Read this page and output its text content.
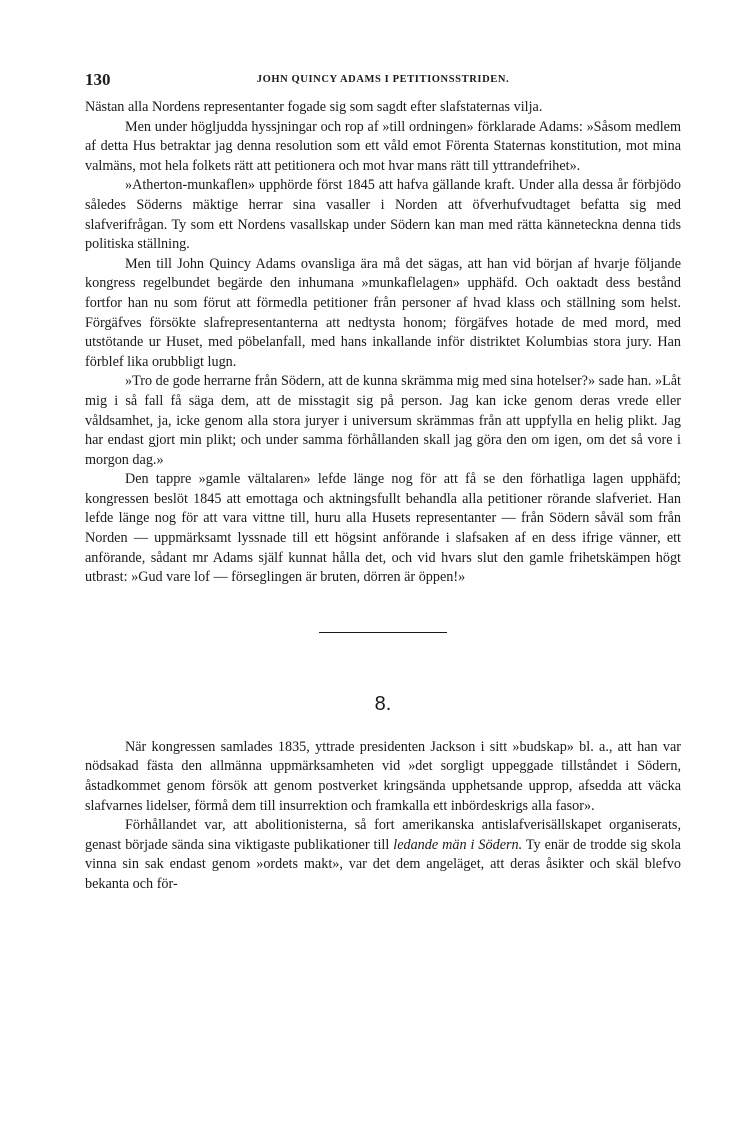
130	JOHN QUINCY ADAMS I PETITIONSSTRIDEN.

Nästan alla Nordens representanter fogade sig som sagdt efter slafstaternas vilja.

Men under högljudda hyssjningar och rop af »till ordningen» förklarade Adams: »Såsom medlem af detta Hus betraktar jag denna resolution som ett våld emot Förenta Staternas konstitution, mot mina valmäns, mot hela folkets rätt att petitionera och mot hvar mans rätt till yttrandefrihet».

»Atherton-munkaflen» upphörde först 1845 att hafva gällande kraft. Under alla dessa år förbjödo således Söderns mäktige herrar sina vasaller i Norden att öfverhufvudtaget befatta sig med slafverifrågan. Ty som ett Nordens vasallskap under Södern kan man med rätta känneteckna denna tids politiska ställning.

Men till John Quincy Adams ovansliga ära må det sägas, att han vid början af hvarje följande kongress regelbundet begärde den inhumana »munkaflelagen» upphäfd. Och oaktadt dess bestånd fortfor han nu som förut att förmedla petitioner från personer af hvad klass och ställning som helst. Förgäfves försökte slafrepresentanterna att nedtysta honom; förgäfves hotade de med mord, med utstötande ur Huset, med pöbelanfall, med hans inkallande inför distriktet Kolumbias stora jury. Han förblef lika orubbligt lugn.

»Tro de gode herrarne från Södern, att de kunna skrämma mig med sina hotelser?» sade han. »Låt mig i så fall få säga dem, att de misstagit sig på person. Jag kan icke genom deras vrede eller våldsamhet, ja, icke genom alla stora juryer i universum skrämmas från att uppfylla en helig plikt. Jag har endast gjort min plikt; och under samma förhållanden skall jag göra den om igen, om det så vore i morgon dag.»

Den tappre »gamle vältalaren» lefde länge nog för att få se den förhatliga lagen upphäfd; kongressen beslöt 1845 att emottaga och aktningsfullt behandla alla petitioner rörande slafveriet. Han lefde länge nog för att vara vittne till, huru alla Husets representanter — från Södern såväl som från Norden — uppmärksamt lyssnade till ett högsint anförande i slafsaken af en dess ifrige vänner, ett anförande, sådant mr Adams själf kunnat hålla det, och vid hvars slut den gamle frihetskämpen högt utbrast: »Gud vare lof — förseglingen är bruten, dörren är öppen!»

8.

När kongressen samlades 1835, yttrade presidenten Jackson i sitt »budskap» bl. a., att han var nödsakad fästa den allmänna uppmärksamheten vid »det sorgligt uppeggade tillståndet i Södern, åstadkommet genom försök att genom postverket kringsända upphetsande upprop, afsedda att väcka slafvarnes lidelser, förmå dem till insurrektion och framkalla ett inbördeskrigs alla fasor».

Förhållandet var, att abolitionisterna, så fort amerikanska antislafverisällskapet organiserats, genast började sända sina viktigaste publikationer till ledande män i Södern. Ty enär de trodde sig skola vinna sin sak endast genom »ordets makt», var det dem angeläget, att deras åsikter och skäl blefvo bekanta och för-
